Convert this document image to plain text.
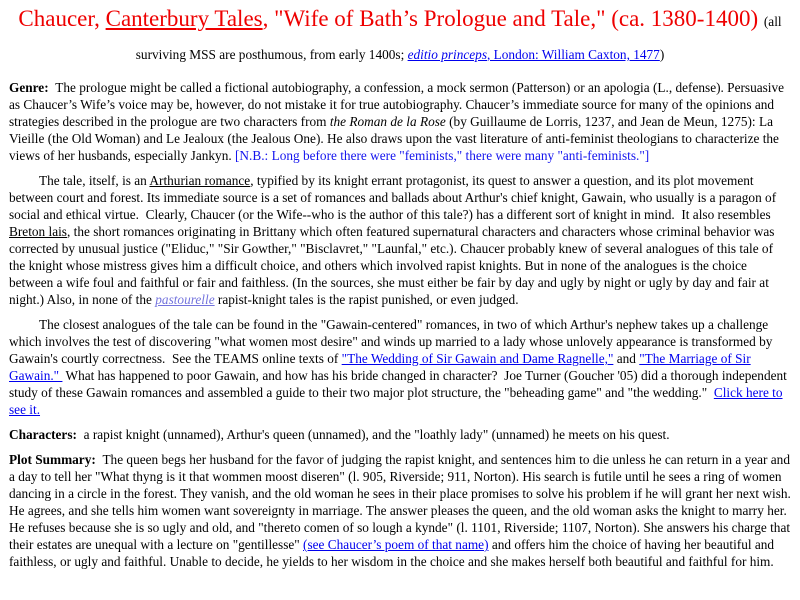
Chaucer, Canterbury Tales, "Wife of Bath’s Prologue and Tale," (ca. 1380-1400) (all surviving MSS are posthumous, from early 1400s; editio princeps, London: William Caxton, 1477)

Genre:  The prologue might be called a fictional autobiography, a confession, a mock sermon (Patterson) or an apologia (L., defense). Persuasive as Chaucer’s Wife’s voice may be, however, do not mistake it for true autobiography. Chaucer’s immediate source for many of the opinions and strategies described in the prologue are two characters from the Roman de la Rose (by Guillaume de Lorris, 1237, and Jean de Meun, 1275): La Vieille (the Old Woman) and Le Jealoux (the Jealous One). He also draws upon the vast literature of anti-feminist theologians to characterize the views of her husbands, especially Jankyn. [N.B.: Long before there were "feminists," there were many "anti-feminists."]

The tale, itself, is an Arthurian romance, typified by its knight errant protagonist, its quest to answer a question, and its plot movement between court and forest. Its immediate source is a set of romances and ballads about Arthur's chief knight, Gawain, who usually is a paragon of social and ethical virtue.  Clearly, Chaucer (or the Wife--who is the author of this tale?) has a different sort of knight in mind.  It also resembles Breton lais, the short romances originating in Brittany which often featured supernatural characters and characters whose criminal behavior was corrected by unusual justice ("Eliduc," "Sir Gowther," "Bisclavret," "Launfal," etc.). Chaucer probably knew of several analogues of this tale of the knight whose mistress gives him a difficult choice, and others which involved rapist knights. But in none of the analogues is the choice between a wife foul and faithful or fair and faithless. (In the sources, she must either be fair by day and ugly by night or ugly by day and fair at night.) Also, in none of the pastourelle rapist-knight tales is the rapist punished, or even judged.

The closest analogues of the tale can be found in the "Gawain-centered" romances, in two of which Arthur's nephew takes up a challenge which involves the test of discovering "what women most desire" and winds up married to a lady whose unlovely appearance is transformed by Gawain's courtly correctness.  See the TEAMS online texts of "The Wedding of Sir Gawain and Dame Ragnelle," and "The Marriage of Sir Gawain."  What has happened to poor Gawain, and how has his bride changed in character?  Joe Turner (Goucher '05) did a thorough independent study of these Gawain romances and assembled a guide to their two major plot structure, the "beheading game" and "the wedding."  Click here to see it.

Characters:  a rapist knight (unnamed), Arthur's queen (unnamed), and the "loathly lady" (unnamed) he meets on his quest.

Plot Summary:  The queen begs her husband for the favor of judging the rapist knight, and sentences him to die unless he can return in a year and a day to tell her "What thyng is it that wommen moost diseren" (l. 905, Riverside; 911, Norton). His search is futile until he sees a ring of women dancing in a circle in the forest. They vanish, and the old woman he sees in their place promises to solve his problem if he will grant her next wish. He agrees, and she tells him women want sovereignty in marriage. The answer pleases the queen, and the old woman asks the knight to marry her. He refuses because she is so ugly and old, and "thereto comen of so lough a kynde" (l. 1101, Riverside; 1107, Norton). She answers his charge that their estates are unequal with a lecture on "gentillesse" (see Chaucer’s poem of that name) and offers him the choice of having her beautiful and faithless, or ugly and faithful. Unable to decide, he yields to her wisdom in the choice and she makes herself both beautiful and faithful for him.
